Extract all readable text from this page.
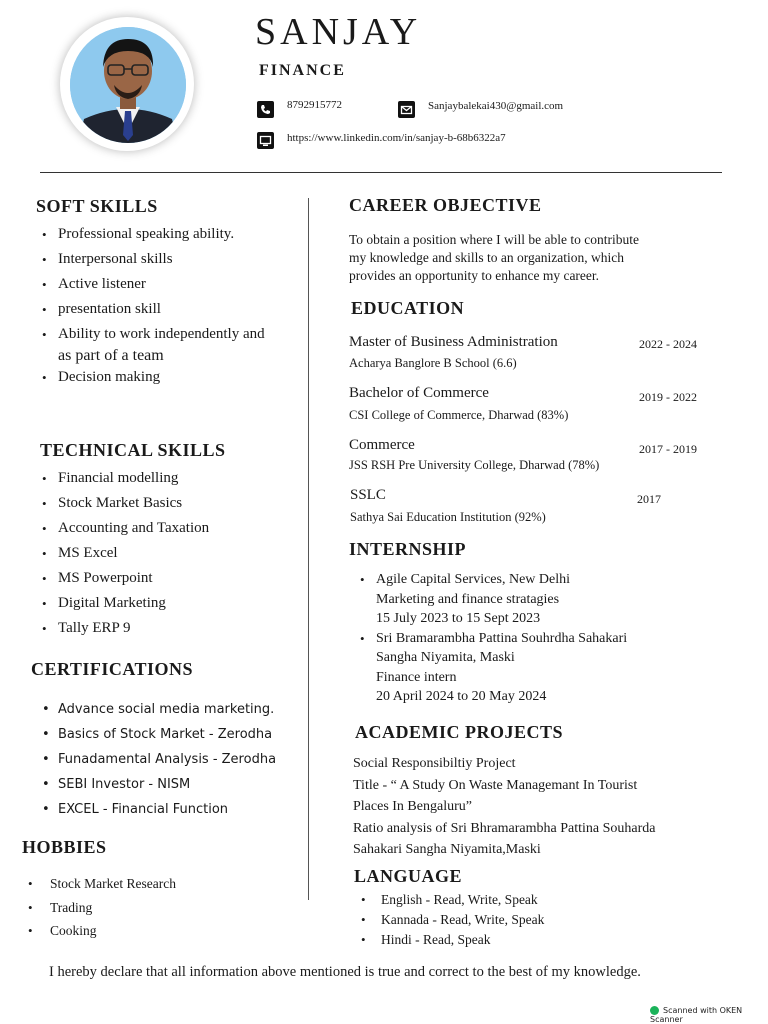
SANJAY
FINANCE
8792915772	Sanjaybalekai430@gmail.com
https://www.linkedin.com/in/sanjay-b-68b6322a7
SOFT SKILLS
• Professional speaking ability.
• Interpersonal skills
• Active listener
• presentation skill
• Ability to work independently and
as part of a team
• Decision making
TECHNICAL SKILLS
• Financial modelling
• Stock Market Basics
• Accounting and Taxation
• MS Excel
• MS Powerpoint
• Digital Marketing
• Tally ERP 9
CERTIFICATIONS
• Advance social media marketing.
• Basics of Stock Market - Zerodha
• Funadamental Analysis - Zerodha
• SEBI Investor - NISM
• EXCEL - Financial Function
HOBBIES
• Stock Market Research
• Trading
• Cooking
CAREER OBJECTIVE
To obtain a position where I will be able to contribute
my knowledge and skills to an organization, which
provides an opportunity to enhance my career.
EDUCATION
Master of Business Administration
Acharya Banglore B School (6.6)
2022 - 2024
Bachelor of Commerce
CSI College of Commerce, Dharwad (83%)
2019 - 2022
Commerce
JSS RSH Pre University College, Dharwad (78%)
2017 - 2019
SSLC
Sathya Sai Education Institution (92%)
2017
INTERNSHIP
• Agile Capital Services, New Delhi
Marketing and finance stratagies
15 July 2023 to 15 Sept 2023
• Sri Bramarambha Pattina Souhrdha Sahakari
Sangha Niyamita, Maski
Finance intern
20 April 2024 to 20 May 2024
ACADEMIC PROJECTS
Social Responsibiltiy Project
Title - “ A Study On Waste Managemant In Tourist
Places In Bengaluru”
Ratio analysis of Sri Bhramarambha Pattina Souharda
Sahakari Sangha Niyamita,Maski
LANGUAGE
• English - Read, Write, Speak
• Kannada - Read, Write, Speak
• Hindi - Read, Speak
I hereby declare that all information above mentioned is true and correct to the best of my knowledge.
Scanned with OKEN Scanner
